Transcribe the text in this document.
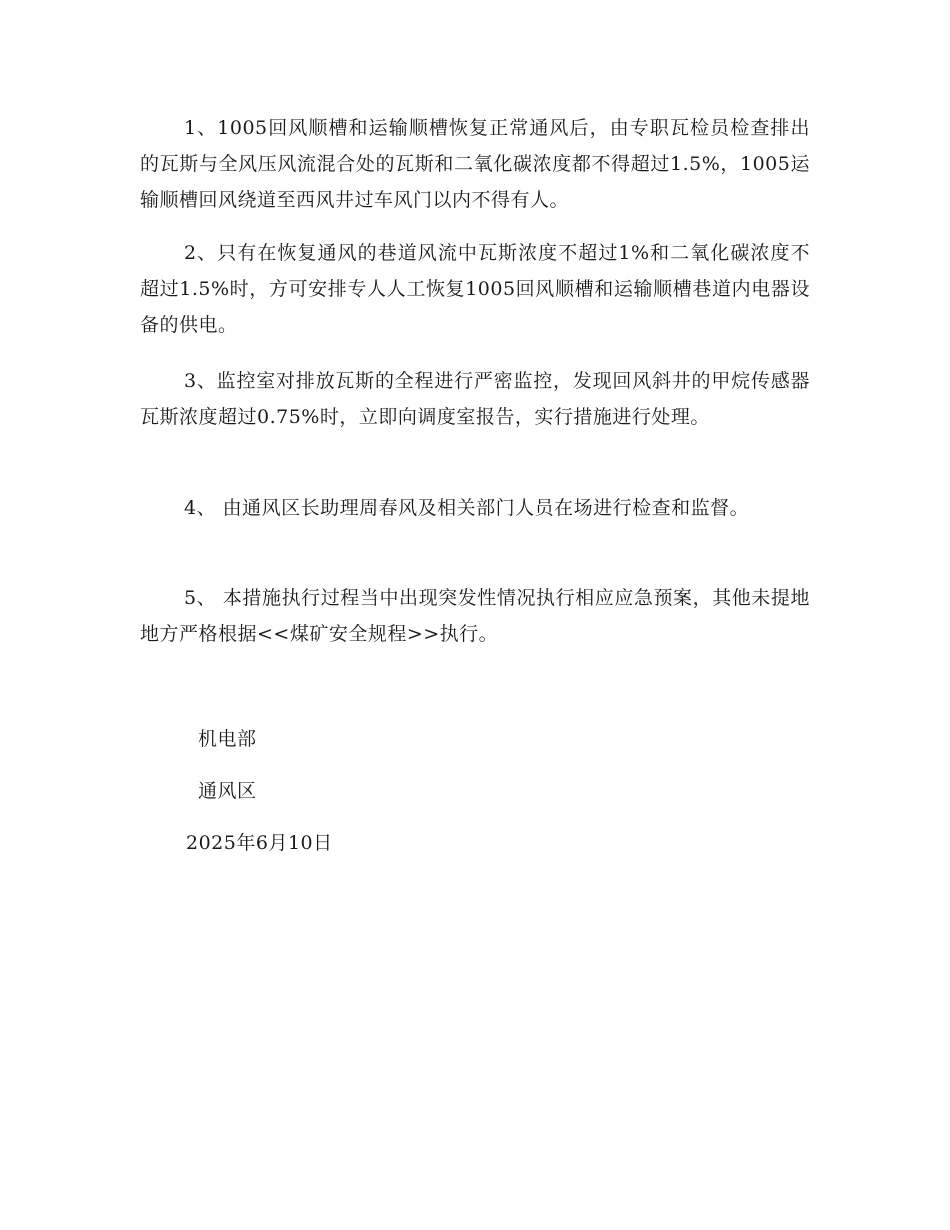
1、1005回风顺槽和运输顺槽恢复正常通风后，由专职瓦检员检查排出的瓦斯与全风压风流混合处的瓦斯和二氧化碳浓度都不得超过1.5%，1005运输顺槽回风绕道至西风井过车风门以内不得有人。

2、只有在恢复通风的巷道风流中瓦斯浓度不超过1%和二氧化碳浓度不超过1.5%时，方可安排专人人工恢复1005回风顺槽和运输顺槽巷道内电器设备的供电。

3、监控室对排放瓦斯的全程进行严密监控，发现回风斜井的甲烷传感器瓦斯浓度超过0.75%时，立即向调度室报告，实行措施进行处理。

4、 由通风区长助理周春风及相关部门人员在场进行检查和监督。

5、 本措施执行过程当中出现突发性情况执行相应应急预案，其他未提地地方严格根据<<煤矿安全规程>>执行。

机电部

通风区

2025年6月10日
